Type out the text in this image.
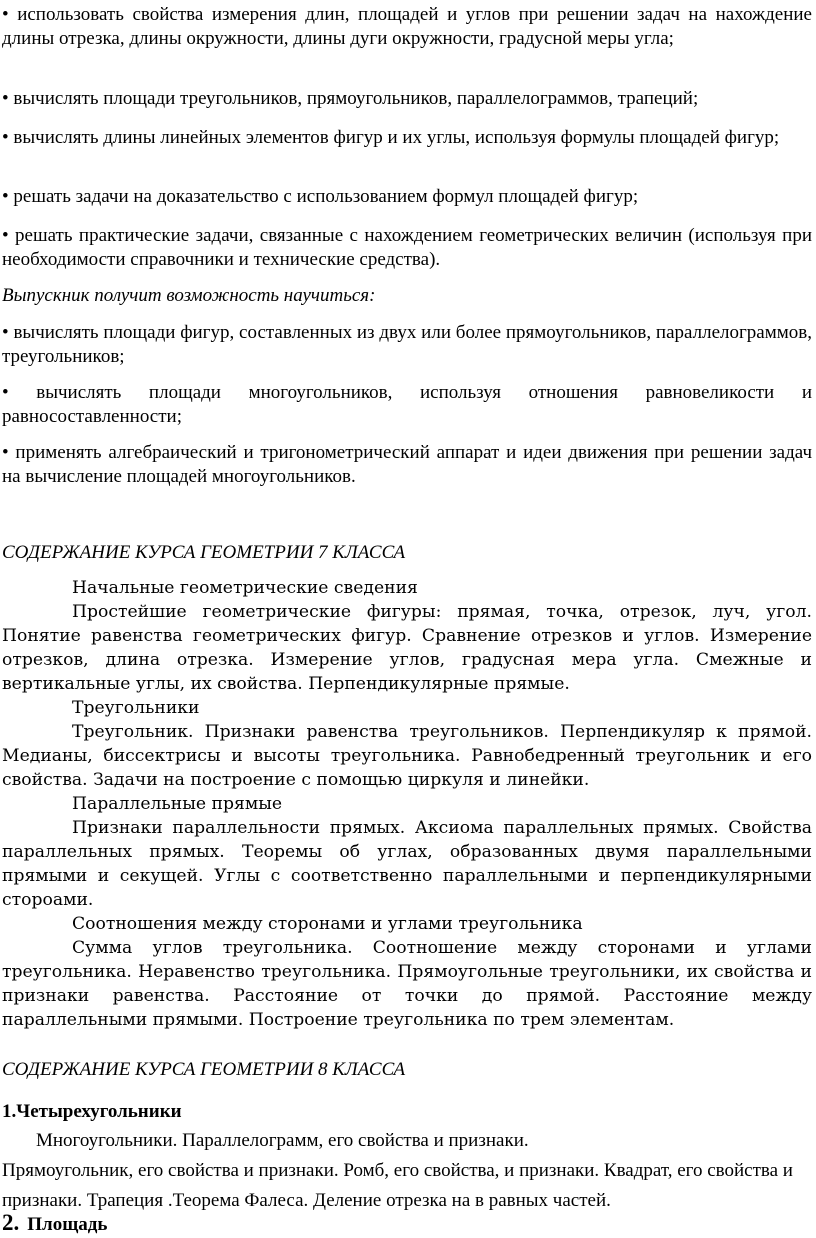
• использовать свойства измерения длин, площадей и углов при решении задач на нахождение длины отрезка, длины окружности, длины дуги окружности, градусной меры угла;

• вычислять площади треугольников, прямоугольников, параллелограммов, трапеций;

• вычислять длины линейных элементов фигур и их углы, используя формулы площадей фигур;

• решать задачи на доказательство с использованием формул площадей фигур;

• решать практические задачи, связанные с нахождением геометрических величин (используя при необходимости справочники и технические средства).

Выпускник получит возможность научиться:

• вычислять площади фигур, составленных из двух или более прямоугольников, параллелограммов, треугольников;

• вычислять площади многоугольников, используя отношения равновеликости и равносоставленности;

• применять алгебраический и тригонометрический аппарат и идеи движения при решении задач на вычисление площадей многоугольников.

СОДЕРЖАНИЕ КУРСА ГЕОМЕТРИИ 7 КЛАССА

Начальные геометрические сведения

Простейшие геометрические фигуры: прямая, точка, отрезок, луч, угол. Понятие равенства геометрических фигур. Сравнение отрезков и углов. Измерение отрезков, длина отрезка. Измерение углов, градусная мера угла. Смежные и вертикальные углы, их свойства. Перпендикулярные прямые.

Треугольники

Треугольник. Признаки равенства треугольников. Перпендикуляр к прямой. Медианы, биссектрисы и высоты треугольника. Равнобедренный треугольник и его свойства. Задачи на построение с помощью циркуля и линейки.

Параллельные прямые

Признаки параллельности прямых. Аксиома параллельных прямых. Свойства параллельных прямых. Теоремы об углах, образованных двумя параллельными прямыми и секущей. Углы с соответственно параллельными и перпендикулярными стороами.

Соотношения между сторонами и углами треугольника

Сумма углов треугольника. Соотношение между сторонами и углами треугольника. Неравенство треугольника. Прямоугольные треугольники, их свойства и признаки равенства. Расстояние от точки до прямой. Расстояние между параллельными прямыми. Построение треугольника по трем элементам.

СОДЕРЖАНИЕ КУРСА ГЕОМЕТРИИ 8 КЛАССА

1.Четырехугольники

Многоугольники. Параллелограмм, его свойства и признаки.
Прямоугольник, его свойства и признаки. Ромб, его свойства, и признаки. Квадрат, его свойства и признаки. Трапеция .Теорема Фалеса. Деление отрезка на в равных частей.

2. Площадь
